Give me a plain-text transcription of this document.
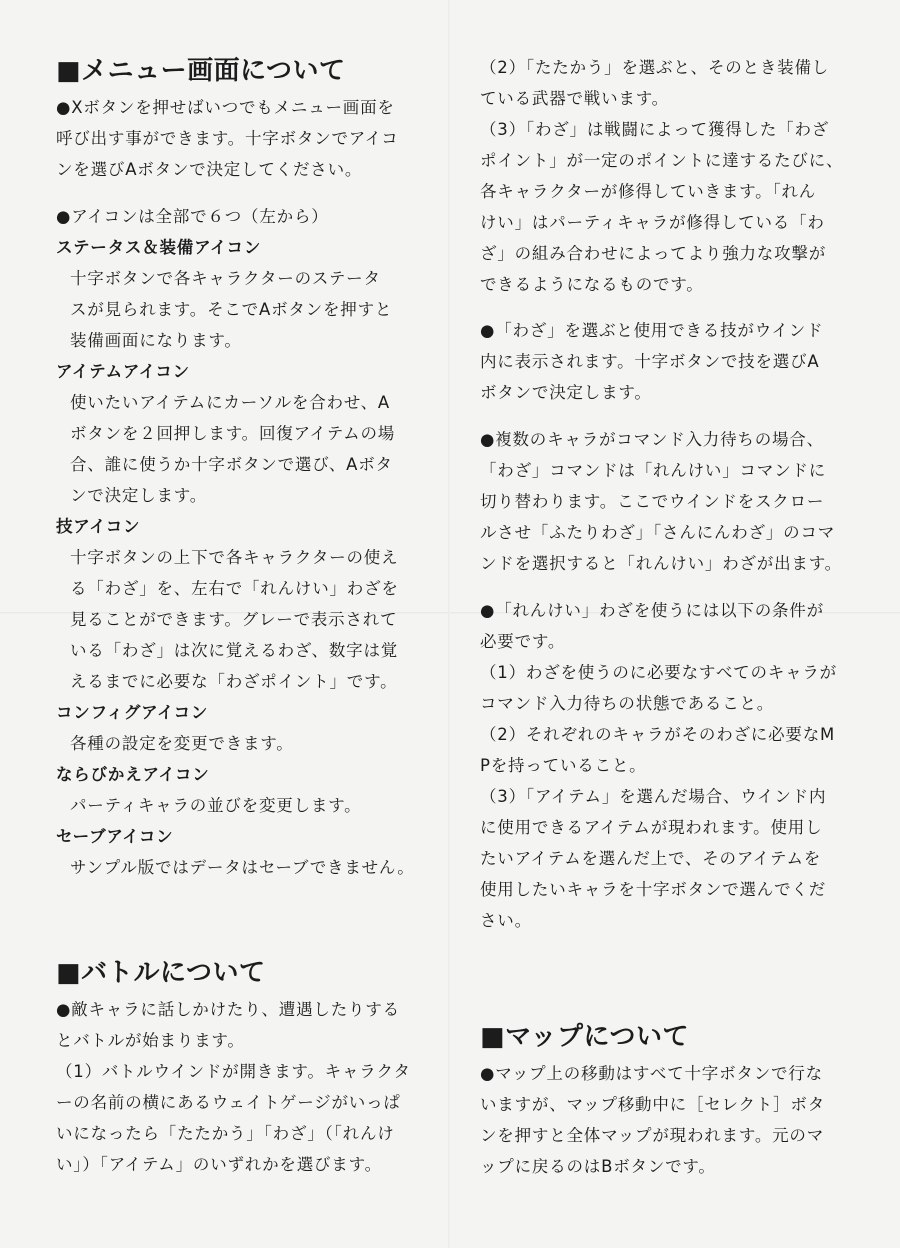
■メニュー画面について
●Xボタンを押せばいつでもメニュー画面を
呼び出す事ができます。十字ボタンでアイコ
ンを選びAボタンで決定してください。
●アイコンは全部で６つ（左から）
ステータス＆装備アイコン
十字ボタンで各キャラクターのステータ
スが見られます。そこでAボタンを押すと
装備画面になります。
アイテムアイコン
使いたいアイテムにカーソルを合わせ、A
ボタンを２回押します。回復アイテムの場
合、誰に使うか十字ボタンで選び、Aボタ
ンで決定します。
技アイコン
十字ボタンの上下で各キャラクターの使え
る「わざ」を、左右で「れんけい」わざを
見ることができます。グレーで表示されて
いる「わざ」は次に覚えるわざ、数字は覚
えるまでに必要な「わざポイント」です。
コンフィグアイコン
各種の設定を変更できます。
ならびかえアイコン
パーティキャラの並びを変更します。
セーブアイコン
サンプル版ではデータはセーブできません。
■バトルについて
●敵キャラに話しかけたり、遭遇したりする
とバトルが始まります。
（1）バトルウインドが開きます。キャラクタ
ーの名前の横にあるウェイトゲージがいっぱ
いになったら「たたかう」「わざ」（「れんけ
い」）「アイテム」のいずれかを選びます。
（2）「たたかう」を選ぶと、そのとき装備し
ている武器で戦います。
（3）「わざ」は戦闘によって獲得した「わざ
ポイント」が一定のポイントに達するたびに、
各キャラクターが修得していきます。「れん
けい」はパーティキャラが修得している「わ
ざ」の組み合わせによってより強力な攻撃が
できるようになるものです。
●「わざ」を選ぶと使用できる技がウインド
内に表示されます。十字ボタンで技を選びA
ボタンで決定します。
●複数のキャラがコマンド入力待ちの場合、
「わざ」コマンドは「れんけい」コマンドに
切り替わります。ここでウインドをスクロー
ルさせ「ふたりわざ」「さんにんわざ」のコマ
ンドを選択すると「れんけい」わざが出ます。
●「れんけい」わざを使うには以下の条件が
必要です。
（1）わざを使うのに必要なすべてのキャラが
コマンド入力待ちの状態であること。
（2）それぞれのキャラがそのわざに必要なM
Pを持っていること。
（3）「アイテム」を選んだ場合、ウインド内
に使用できるアイテムが現われます。使用し
たいアイテムを選んだ上で、そのアイテムを
使用したいキャラを十字ボタンで選んでくだ
さい。
■マップについて
●マップ上の移動はすべて十字ボタンで行な
いますが、マップ移動中に［セレクト］ボタ
ンを押すと全体マップが現われます。元のマ
ップに戻るのはBボタンです。
